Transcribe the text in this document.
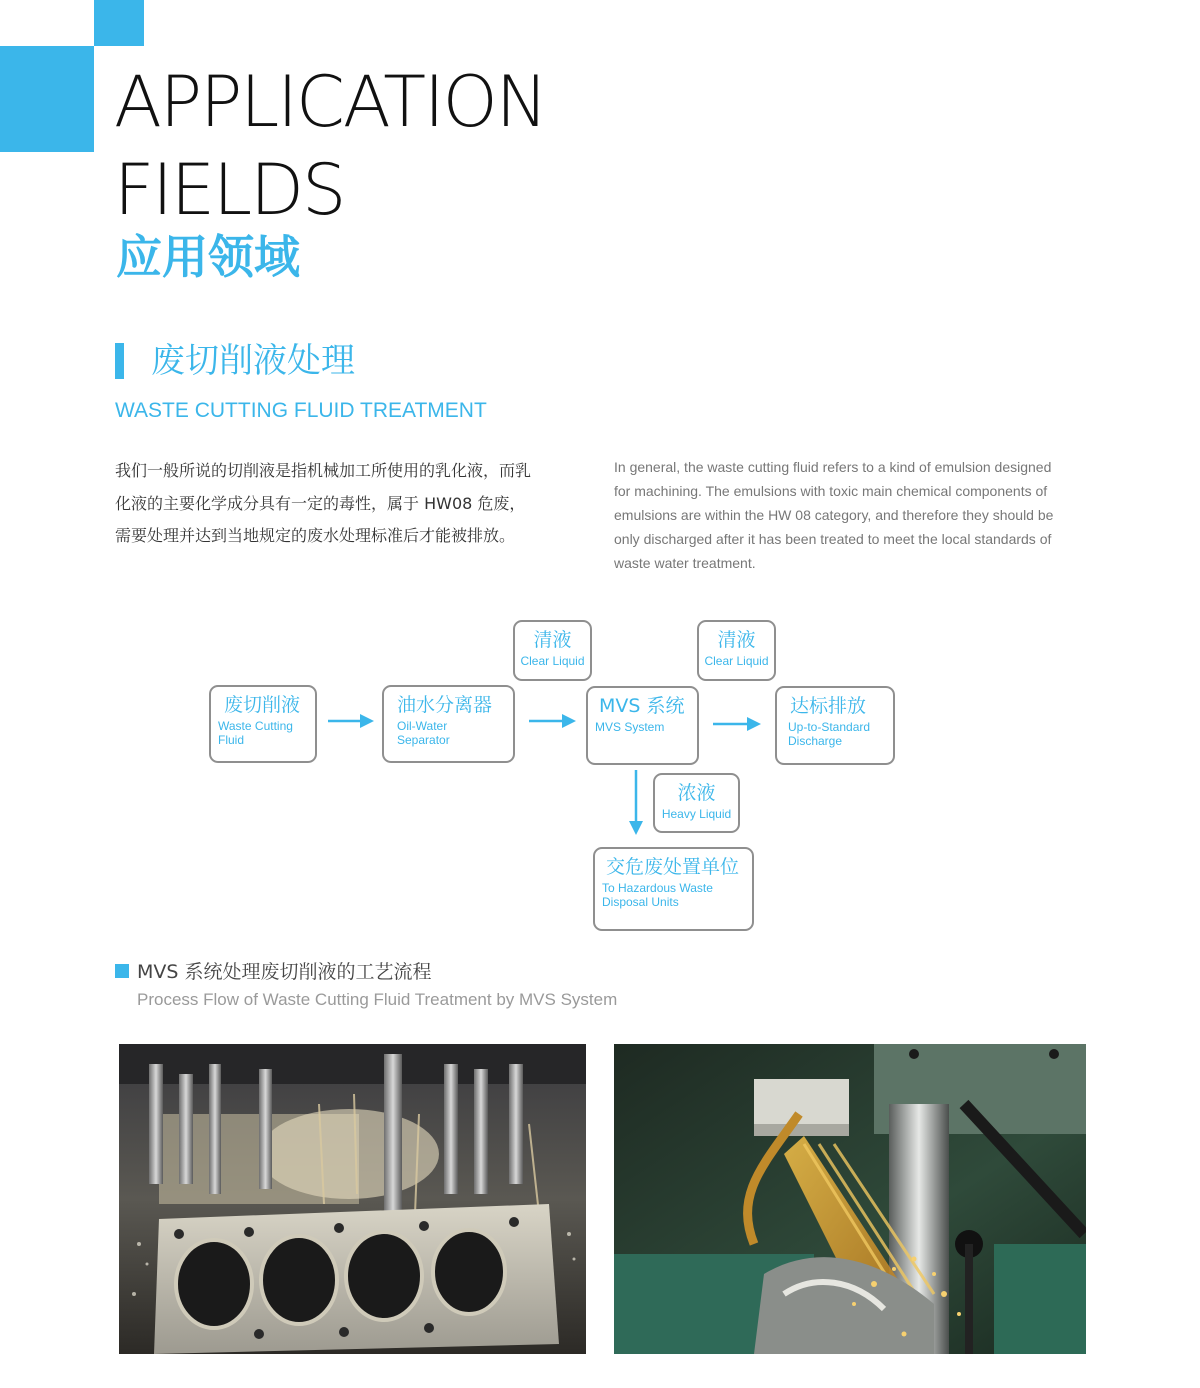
APPLICATION
FIELDS
应用领域
废切削液处理
WASTE CUTTING FLUID TREATMENT
我们一般所说的切削液是指机械加工所使用的乳化液，而乳
化液的主要化学成分具有一定的毒性，属于 HW08 危废，
需要处理并达到当地规定的废水处理标准后才能被排放。
In general, the waste cutting fluid refers to a kind of emulsion designed
for machining. The emulsions with toxic main chemical components of
emulsions are within the HW 08 category, and therefore they should be
only discharged after it has been treated to meet the local standards of
waste water treatment.
清液
Clear Liquid
清液
Clear Liquid
废切削液
Waste Cutting
Fluid
油水分离器
Oil-Water
Separator
MVS 系统
MVS System
达标排放
Up-to-Standard
Discharge
浓液
Heavy Liquid
交危废处置单位
To Hazardous Waste
Disposal Units
MVS 系统处理废切削液的工艺流程
Process Flow of Waste Cutting Fluid Treatment by MVS System
